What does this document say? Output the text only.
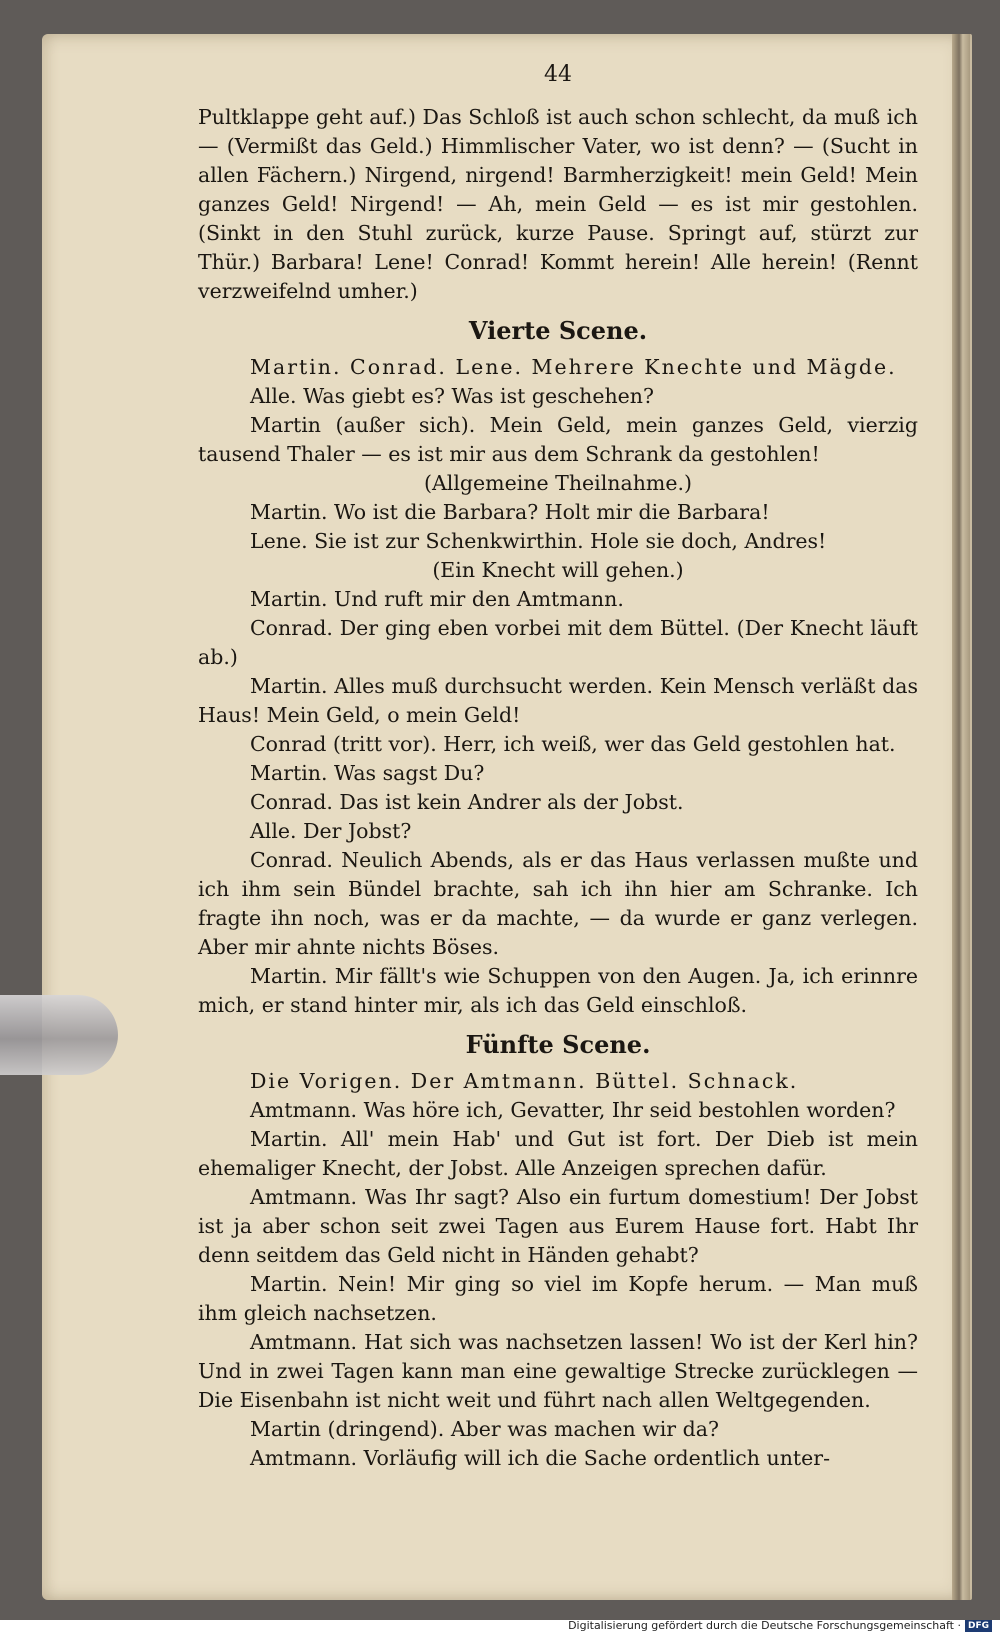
44

Pultklappe geht auf.) Das Schloß ist auch schon schlecht, da muß ich — (Vermißt das Geld.) Himmlischer Vater, wo ist denn? — (Sucht in allen Fächern.) Nirgend, nirgend! Barmherzigkeit! mein Geld! Mein ganzes Geld! Nirgend! — Ah, mein Geld — es ist mir gestohlen. (Sinkt in den Stuhl zurück, kurze Pause. Springt auf, stürzt zur Thür.) Barbara! Lene! Conrad! Kommt herein! Alle herein! (Rennt verzweifelnd umher.)

Vierte Scene.

Martin. Conrad. Lene. Mehrere Knechte und Mägde.

Alle. Was giebt es? Was ist geschehen?

Martin (außer sich). Mein Geld, mein ganzes Geld, vierzig tausend Thaler — es ist mir aus dem Schrank da gestohlen!

(Allgemeine Theilnahme.)

Martin. Wo ist die Barbara? Holt mir die Barbara!

Lene. Sie ist zur Schenkwirthin. Hole sie doch, Andres!

(Ein Knecht will gehen.)

Martin. Und ruft mir den Amtmann.

Conrad. Der ging eben vorbei mit dem Büttel. (Der Knecht läuft ab.)

Martin. Alles muß durchsucht werden. Kein Mensch verläßt das Haus! Mein Geld, o mein Geld!

Conrad (tritt vor). Herr, ich weiß, wer das Geld gestohlen hat.

Martin. Was sagst Du?

Conrad. Das ist kein Andrer als der Jobst.

Alle. Der Jobst?

Conrad. Neulich Abends, als er das Haus verlassen mußte und ich ihm sein Bündel brachte, sah ich ihn hier am Schranke. Ich fragte ihn noch, was er da machte, — da wurde er ganz verlegen. Aber mir ahnte nichts Böses.

Martin. Mir fällt's wie Schuppen von den Augen. Ja, ich erinnre mich, er stand hinter mir, als ich das Geld einschloß.

Fünfte Scene.

Die Vorigen. Der Amtmann. Büttel. Schnack.

Amtmann. Was höre ich, Gevatter, Ihr seid bestohlen worden?

Martin. All' mein Hab' und Gut ist fort. Der Dieb ist mein ehemaliger Knecht, der Jobst. Alle Anzeigen sprechen dafür.

Amtmann. Was Ihr sagt? Also ein furtum domestium! Der Jobst ist ja aber schon seit zwei Tagen aus Eurem Hause fort. Habt Ihr denn seitdem das Geld nicht in Händen gehabt?

Martin. Nein! Mir ging so viel im Kopfe herum. — Man muß ihm gleich nachsetzen.

Amtmann. Hat sich was nachsetzen lassen! Wo ist der Kerl hin? Und in zwei Tagen kann man eine gewaltige Strecke zurücklegen — Die Eisenbahn ist nicht weit und führt nach allen Weltgegenden.

Martin (dringend). Aber was machen wir da?

Amtmann. Vorläufig will ich die Sache ordentlich unter-

Digitalisierung gefördert durch die Deutsche Forschungsgemeinschaft · DFG
